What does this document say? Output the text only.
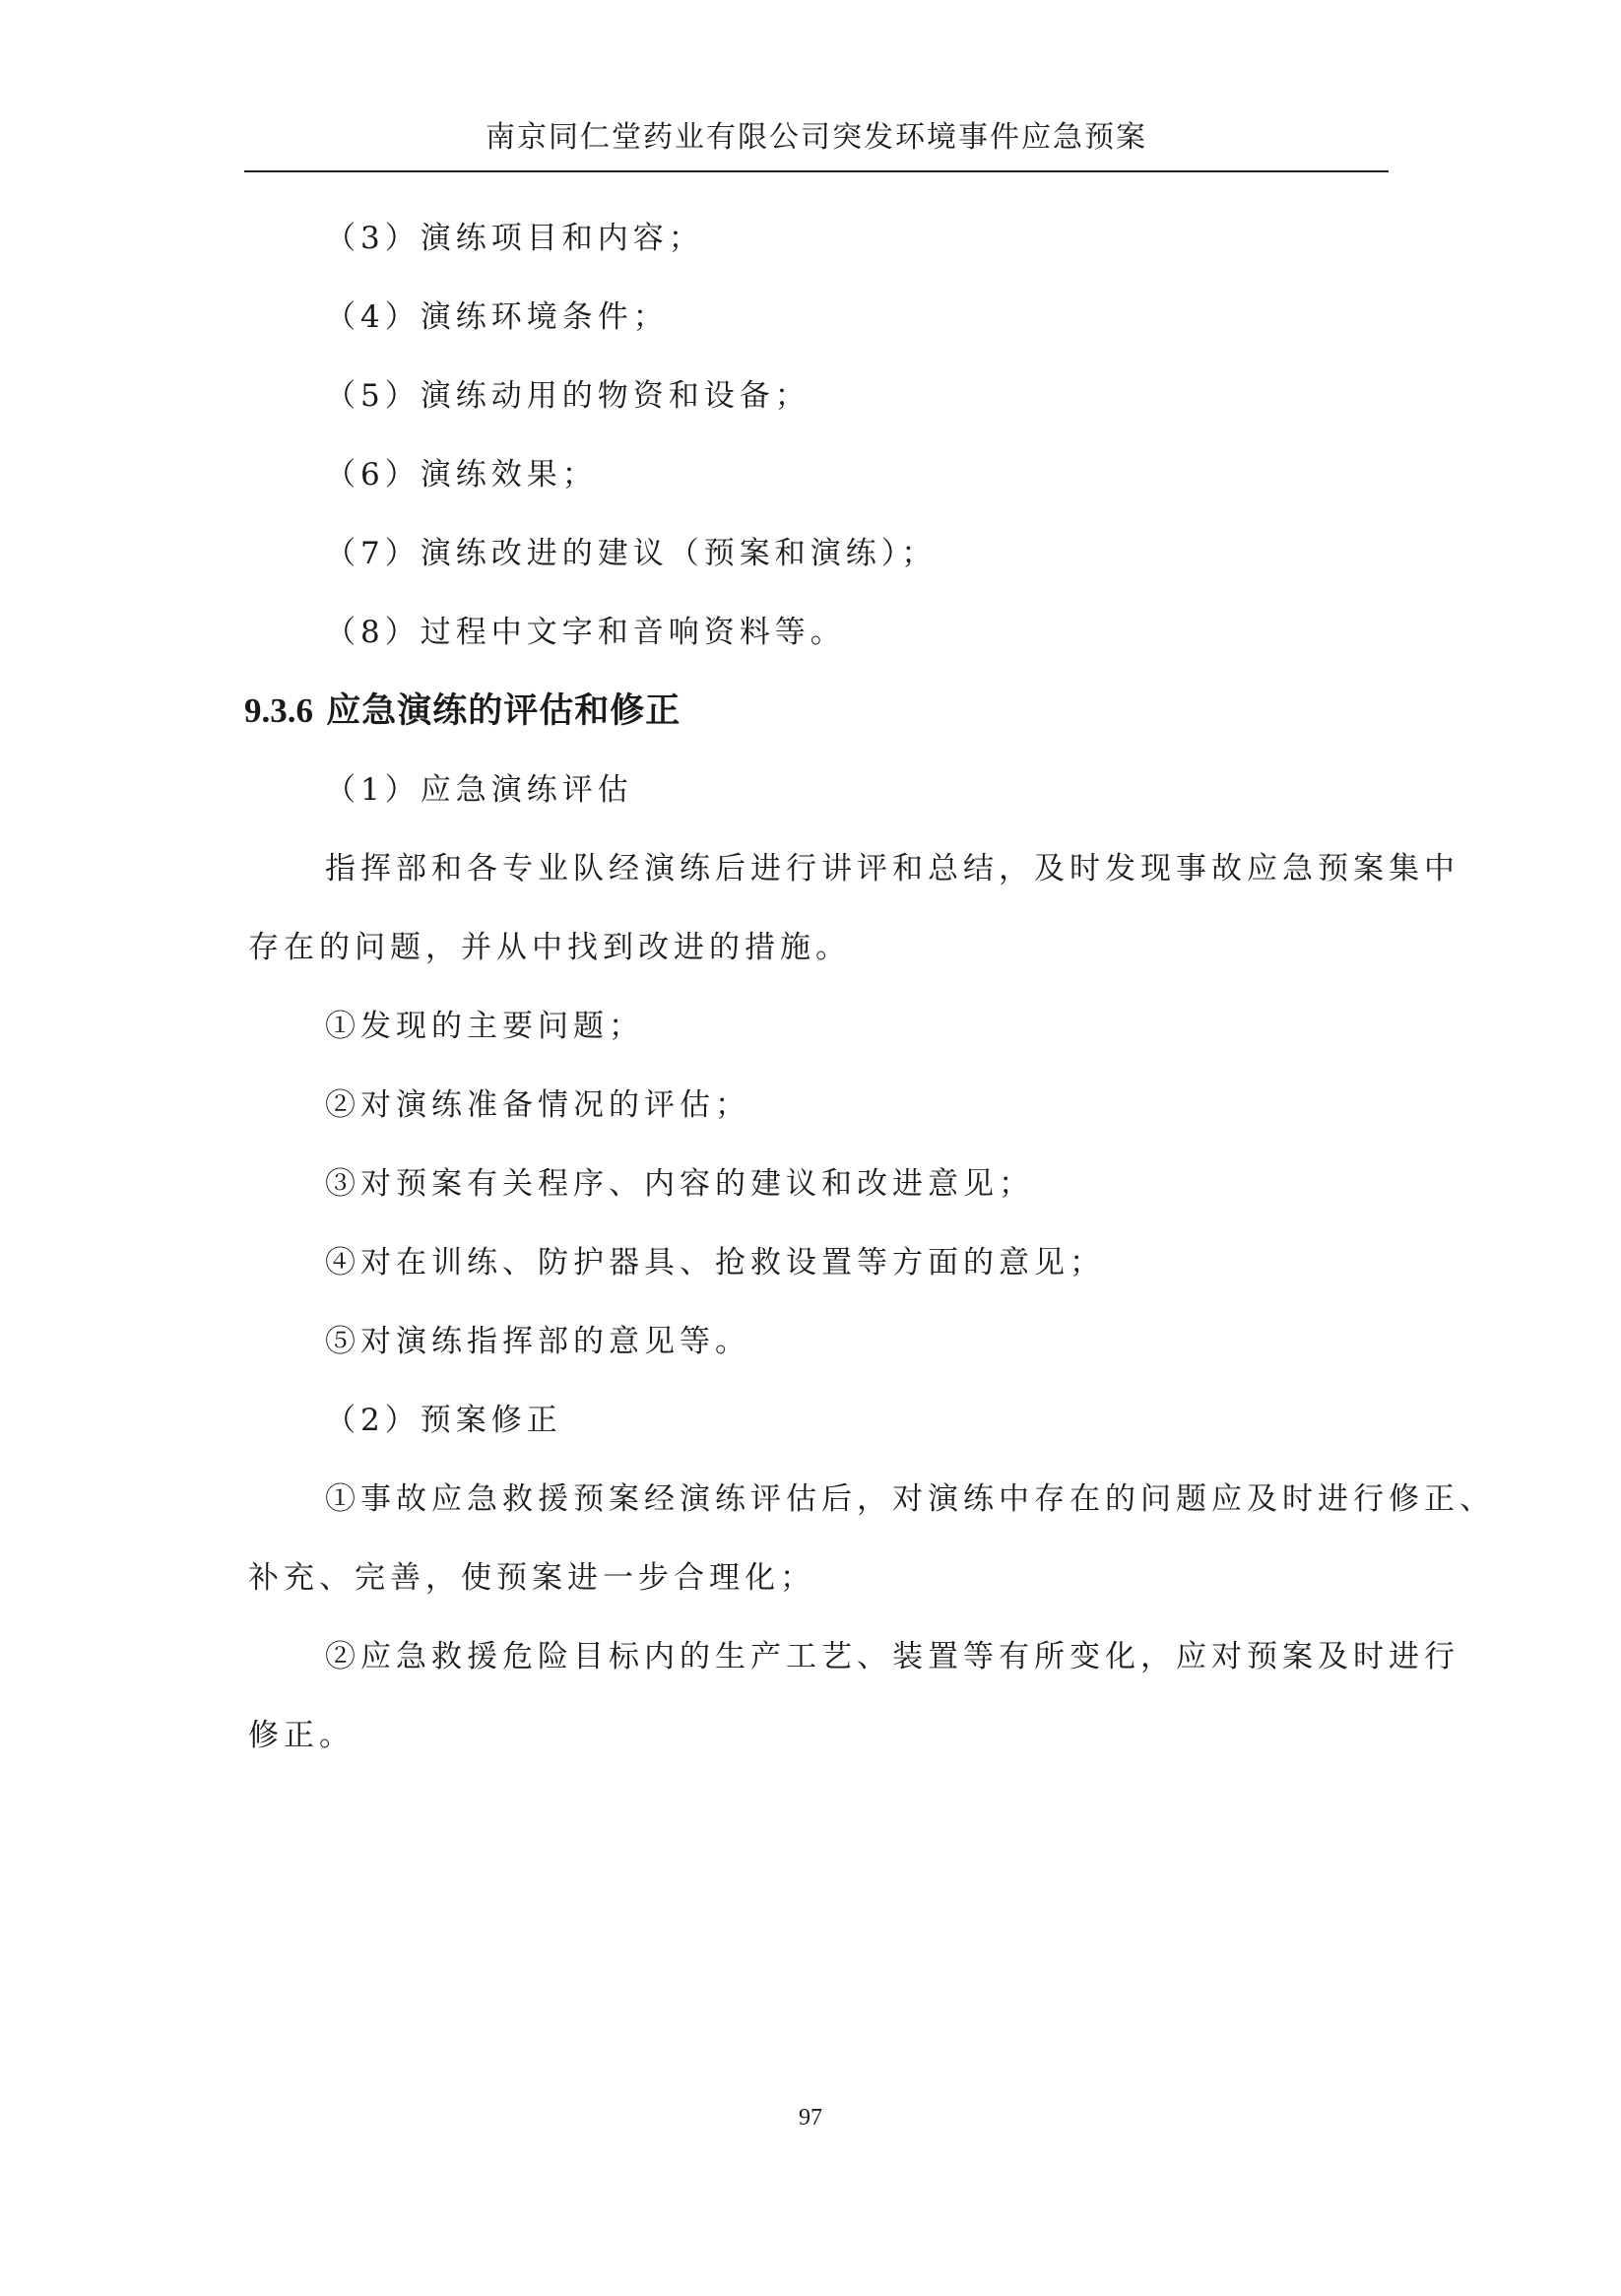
南京同仁堂药业有限公司突发环境事件应急预案
（3）演练项目和内容；
（4）演练环境条件；
（5）演练动用的物资和设备；
（6）演练效果；
（7）演练改进的建议（预案和演练）；
（8）过程中文字和音响资料等。
9.3.6 应急演练的评估和修正
（1）应急演练评估
指挥部和各专业队经演练后进行讲评和总结，及时发现事故应急预案集中
存在的问题，并从中找到改进的措施。
①发现的主要问题；
②对演练准备情况的评估；
③对预案有关程序、内容的建议和改进意见；
④对在训练、防护器具、抢救设置等方面的意见；
⑤对演练指挥部的意见等。
（2）预案修正
①事故应急救援预案经演练评估后，对演练中存在的问题应及时进行修正、
补充、完善，使预案进一步合理化；
②应急救援危险目标内的生产工艺、装置等有所变化，应对预案及时进行
修正。
97
